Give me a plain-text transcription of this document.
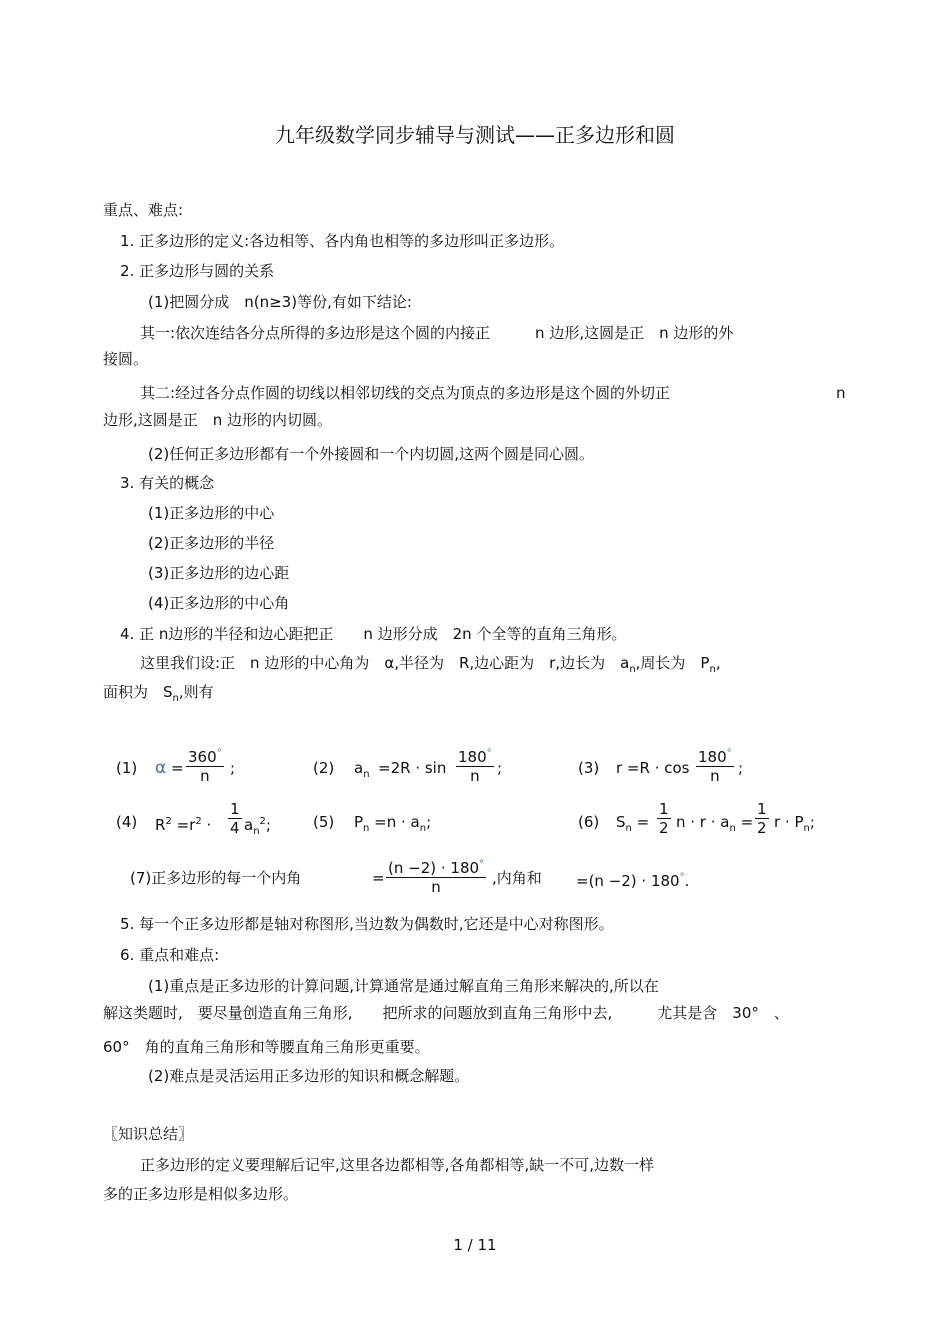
九年级数学同步辅导与测试——正多边形和圆
重点、难点:
1. 正多边形的定义:各边相等、各内角也相等的多边形叫正多边形。
2. 正多边形与圆的关系
(1)把圆分成　n(n≥3)等份,有如下结论:
其一:依次连结各分点所得的多边形是这个圆的内接正　　　n 边形,这圆是正　n 边形的外
接圆。
其二:经过各分点作圆的切线以相邻切线的交点为顶点的多边形是这个圆的外切正	n
边形,这圆是正　n 边形的内切圆。
(2)任何正多边形都有一个外接圆和一个内切圆,这两个圆是同心圆。
3. 有关的概念
(1)正多边形的中心
(2)正多边形的半径
(3)正多边形的边心距
(4)正多边形的中心角
4. 正 n边形的半径和边心距把正　　n 边形分成　2n 个全等的直角三角形。
这里我们设:正　n 边形的中心角为　α,半径为　R,边心距为　r,边长为　$a_n$,周长为　$P_n$,
面积为　$S_n$,则有
(1) $\alpha = \frac{360^\circ}{n}$ ;	(2) $a_n =2R \cdot \sin \frac{180^\circ}{n}$ ;	(3) $r =R \cdot \cos \frac{180^\circ}{n}$ ;
(4) $R^2 =r^2 \cdot \frac{1}{4} a_n^2$;	(5) $P_n =n \cdot a_n$;	(6) $S_n = \frac{1}{2}$ $n \cdot r \cdot a_n = \frac{1}{2}$ $r \cdot P_n$;
(7)正多边形的每一个内角	= $\frac{(n -2) \cdot 180^\circ}{n}$ ,内角和 =(n −2) · 180°.
5. 每一个正多边形都是轴对称图形,当边数为偶数时,它还是中心对称图形。
6. 重点和难点:
(1)重点是正多边形的计算问题,计算通常是通过解直角三角形来解决的,所以在
解这类题时,　要尽量创造直角三角形,　　把所求的问题放到直角三角形中去,　　　尤其是含　30°　、
60°　角的直角三角形和等腰直角三角形更重要。
(2)难点是灵活运用正多边形的知识和概念解题。
〖知识总结〗
正多边形的定义要理解后记牢,这里各边都相等,各角都相等,缺一不可,边数一样
多的正多边形是相似多边形。
1 / 11
